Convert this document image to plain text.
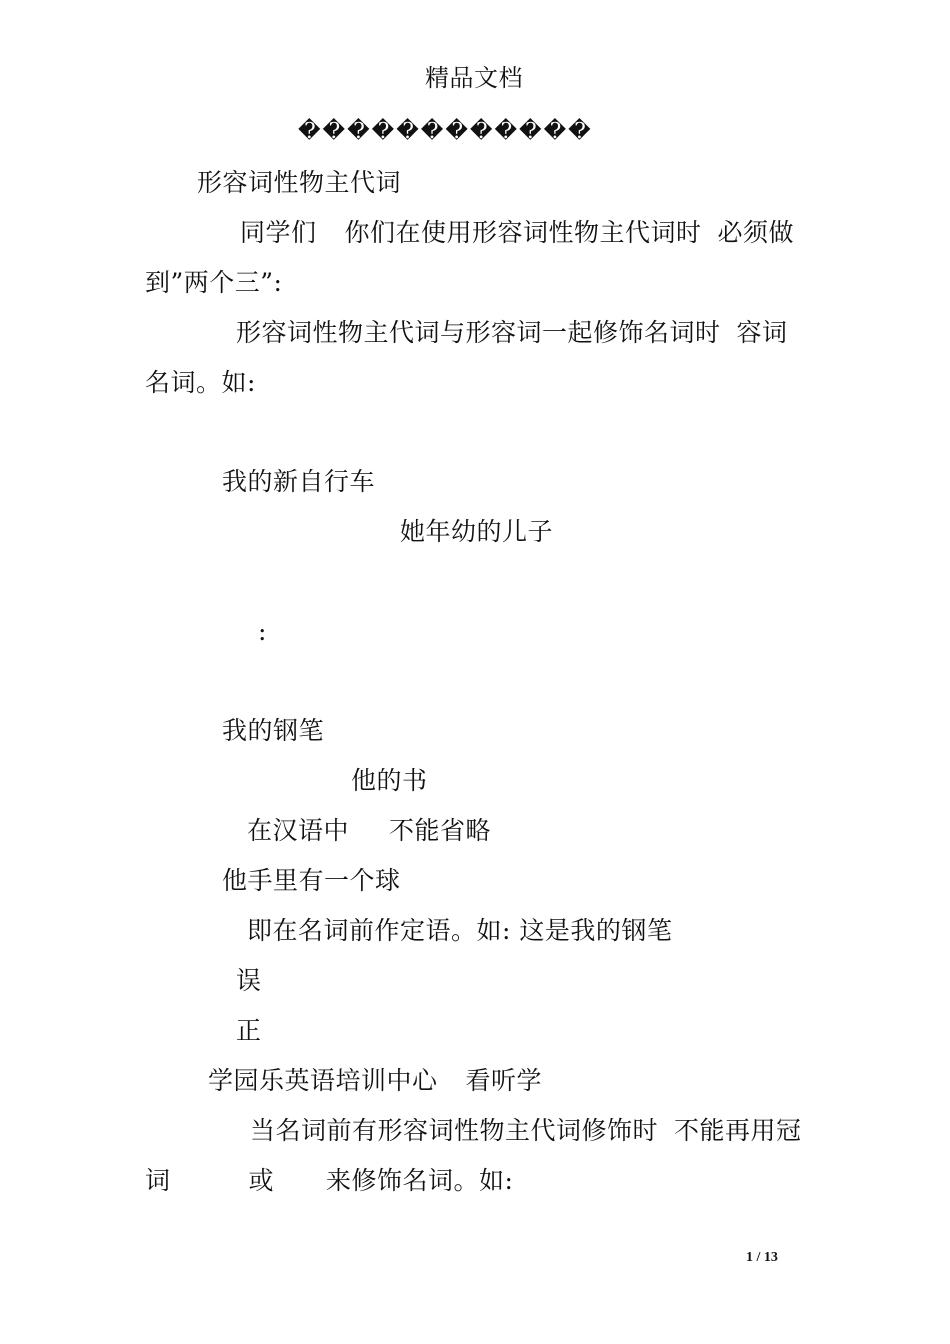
精品文档
������������
形容词性物主代词
同学们 你们在使用形容词性物主代词时 必须做
到”两个三”:
形容词性物主代词与形容词一起修饰名词时 容词
名词。如:
我的新自行车
她年幼的儿子
:
我的钢笔
他的书
在汉语中 不能省略
他手里有一个球
即在名词前作定语。如: 这是我的钢笔
误
正
学园乐英语培训中心 看听学
当名词前有形容词性物主代词修饰时 不能再用冠
词	或 来修饰名词。如:
1 / 13
